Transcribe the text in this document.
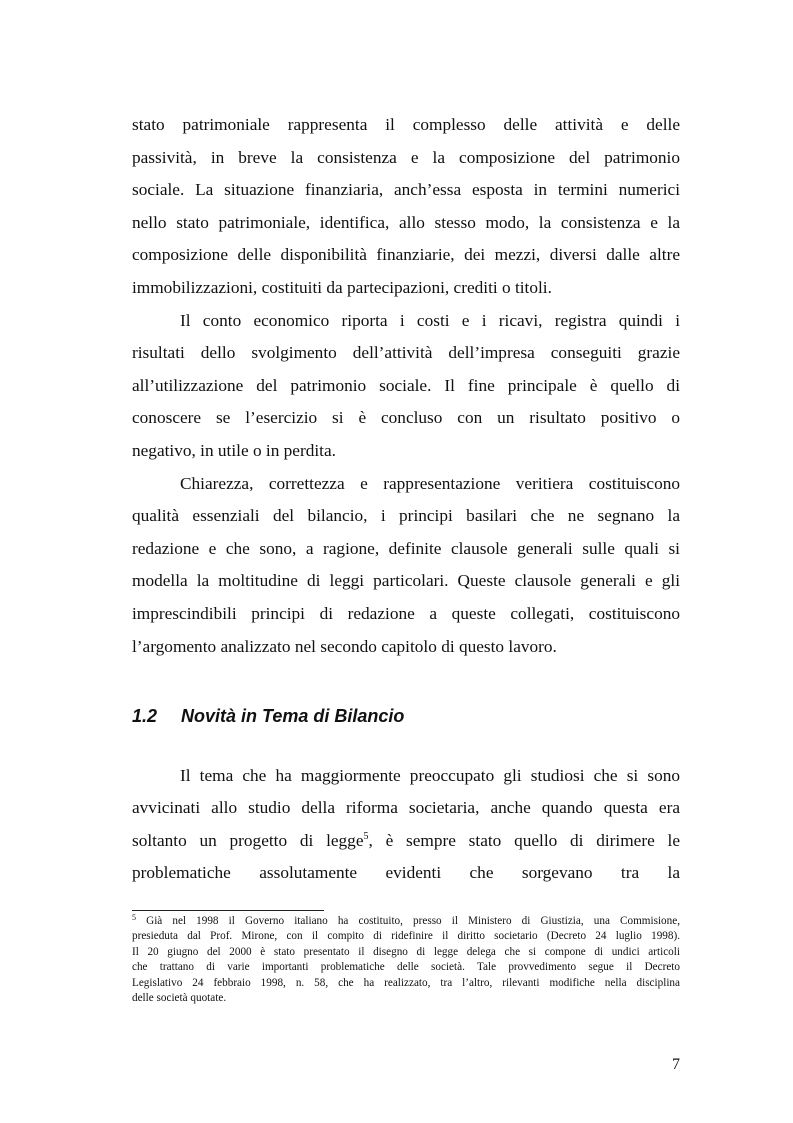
stato patrimoniale rappresenta il complesso delle attività e delle
passività, in breve la consistenza e la composizione del patrimonio
sociale. La situazione finanziaria, anch’essa esposta in termini numerici
nello stato patrimoniale, identifica, allo stesso modo, la consistenza e la
composizione delle disponibilità finanziarie, dei mezzi, diversi dalle altre
immobilizzazioni, costituiti da partecipazioni, crediti o titoli.
Il conto economico riporta i costi e i ricavi, registra quindi i
risultati dello svolgimento dell’attività dell’impresa conseguiti grazie
all’utilizzazione del patrimonio sociale. Il fine principale è quello di
conoscere se l’esercizio si è concluso con un risultato positivo o
negativo, in utile o in perdita.
Chiarezza, correttezza e rappresentazione veritiera costituiscono
qualità essenziali del bilancio, i principi basilari che ne segnano la
redazione e che sono, a ragione, definite clausole generali sulle quali si
modella la moltitudine di leggi particolari. Queste clausole generali e gli
imprescindibili principi di redazione a queste collegati, costituiscono
l’argomento analizzato nel secondo capitolo di questo lavoro.
1.2 Novità in Tema di Bilancio
Il tema che ha maggiormente preoccupato gli studiosi che si sono
avvicinati allo studio della riforma societaria, anche quando questa era
soltanto un progetto di legge$^5$, è sempre stato quello di dirimere le
problematiche assolutamente evidenti che sorgevano tra la
$^5$ Già nel 1998 il Governo italiano ha costituito, presso il Ministero di Giustizia, una Commisione,
presieduta dal Prof. Mirone, con il compito di ridefinire il diritto societario (Decreto 24 luglio 1998).
Il 20 giugno del 2000 è stato presentato il disegno di legge delega che si compone di undici articoli
che trattano di varie importanti problematiche delle società. Tale provvedimento segue il Decreto
Legislativo 24 febbraio 1998, n. 58, che ha realizzato, tra l’altro, rilevanti modifiche nella disciplina
delle società quotate.
7
